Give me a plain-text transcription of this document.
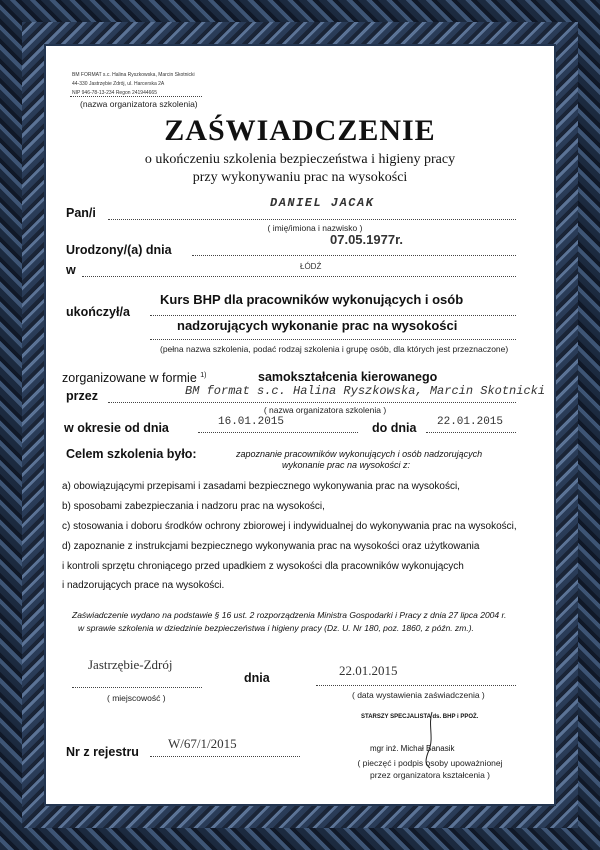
BM FORMAT s.c. Halina Ryszkowska, Marcin Skotnicki
44-330 Jastrzębie Zdrój, ul. Harcerska 2A
NIP 946-78-13-234 Regon 241944665
(nazwa organizatora szkolenia)
ZAŚWIADCZENIE
o ukończeniu szkolenia bezpieczeństwa i higieny pracy
przy wykonywaniu prac na wysokości
Pan/i
DANIEL JACAK
( imię/imiona i nazwisko )
Urodzony/(a) dnia
07.05.1977r.
w	ŁÓDŹ
ukończył/a
Kurs BHP dla pracowników wykonujących i osób
nadzorujących wykonanie prac na wysokości
(pełna nazwa szkolenia, podać rodzaj szkolenia i grupę osób, dla których jest przeznaczone)
zorganizowane w formie $^{1)}$	samokształcenia kierowanego
przez	BM format s.c. Halina Ryszkowska, Marcin Skotnicki
( nazwa organizatora szkolenia )
w okresie od dnia	16.01.2015	do dnia 22.01.2015
Celem szkolenia było:	zapoznanie pracowników wykonujących i osób nadzorujących
wykonanie prac na wysokości z:
a) obowiązującymi przepisami i zasadami bezpiecznego wykonywania prac na wysokości,
b) sposobami zabezpieczania i nadzoru prac na wysokości,
c) stosowania i doboru środków ochrony zbiorowej i indywidualnej do wykonywania prac na wysokości,
d) zapoznanie z instrukcjami bezpiecznego wykonywania prac na wysokości oraz użytkowania
i kontroli sprzętu chroniącego przed upadkiem z wysokości dla pracowników wykonujących
i nadzorujących prace na wysokości.
Zaświadczenie wydano na podstawie § 16 ust. 2 rozporządzenia Ministra Gospodarki i Pracy z dnia 27 lipca 2004 r.
w sprawie szkolenia w dziedzinie bezpieczeństwa i higieny pracy (Dz. U. Nr 180, poz. 1860, z późn. zm.).
Jastrzębie-Zdrój
( miejscowość )
dnia	22.01.2015
( data wystawienia zaświadczenia )
STARSZY SPECJALISTA ds. BHP i PPOŻ.
mgr inż. Michał Banasik
( pieczęć i podpis osoby upoważnionej
przez organizatora kształcenia )
Nr z rejestru
W/67/1/2015
